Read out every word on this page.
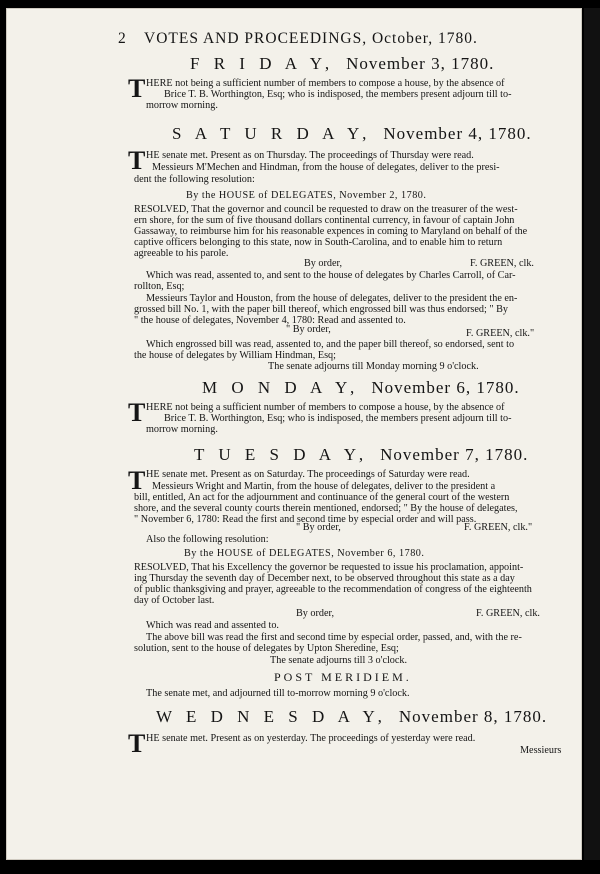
2 VOTES AND PROCEEDINGS, October, 1780.
F R I D A Y, November 3, 1780.
T HERE not being a sufficient number of members to compose a house, by the absence of
Brice T. B. Worthington, Esq; who is indisposed, the members present adjourn till to-
morrow morning.
S A T U R D A Y, November 4, 1780.
T HE senate met. Present as on Thursday. The proceedings of Thursday were read.
Messieurs M'Mechen and Hindman, from the house of delegates, deliver to the presi-
dent the following resolution:
By the HOUSE of DELEGATES, November 2, 1780.
RESOLVED, That the governor and council be requested to draw on the treasurer of the west-
ern shore, for the sum of five thousand dollars continental currency, in favour of captain John
Gassaway, to reimburse him for his reasonable expences in coming to Maryland on behalf of the
captive officers belonging to this state, now in South-Carolina, and to enable him to return
agreeable to his parole.
By order,	F. GREEN, clk.
Which was read, assented to, and sent to the house of delegates by Charles Carroll, of Car-
rollton, Esq;
Messieurs Taylor and Houston, from the house of delegates, deliver to the president the en-
grossed bill No. 1, with the paper bill thereof, which engrossed bill was thus endorsed; " By
" the house of delegates, November 4, 1780: Read and assented to.
" By order,	F. GREEN, clk."
Which engrossed bill was read, assented to, and the paper bill thereof, so endorsed, sent to
the house of delegates by William Hindman, Esq;
The senate adjourns till Monday morning 9 o'clock.
M O N D A Y, November 6, 1780.
T HERE not being a sufficient number of members to compose a house, by the absence of
Brice T. B. Worthington, Esq; who is indisposed, the members present adjourn till to-
morrow morning.
T U E S D A Y, November 7, 1780.
T HE senate met. Present as on Saturday. The proceedings of Saturday were read.
Messieurs Wright and Martin, from the house of delegates, deliver to the president a
bill, entitled, An act for the adjournment and continuance of the general court of the western
shore, and the several county courts therein mentioned, endorsed; " By the house of delegates,
" November 6, 1780: Read the first and second time by especial order and will pass.
" By order,	F. GREEN, clk."
Also the following resolution:
By the HOUSE of DELEGATES, November 6, 1780.
RESOLVED, That his Excellency the governor be requested to issue his proclamation, appoint-
ing Thursday the seventh day of December next, to be observed throughout this state as a day
of public thanksgiving and prayer, agreeable to the recommendation of congress of the eighteenth
day of October last.
By order,	F. GREEN, clk.
Which was read and assented to.
The above bill was read the first and second time by especial order, passed, and, with the re-
solution, sent to the house of delegates by Upton Sheredine, Esq;
The senate adjourns till 3 o'clock.
POST MERIDIEM.
The senate met, and adjourned till to-morrow morning 9 o'clock.
W E D N E S D A Y, November 8, 1780.
T HE senate met. Present as on yesterday. The proceedings of yesterday were read.
Messieurs
